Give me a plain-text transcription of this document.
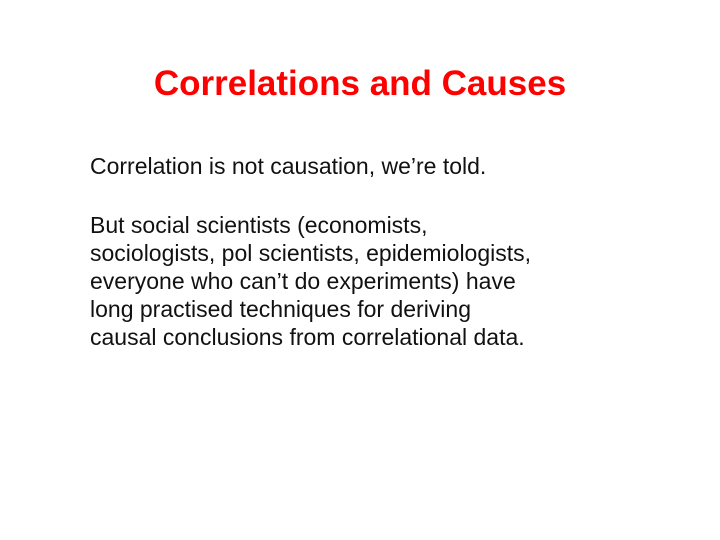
Correlations and Causes

Correlation is not causation, we’re told.

But social scientists (economists,
sociologists, pol scientists, epidemiologists,
everyone who can’t do experiments) have
long practised techniques for deriving
causal conclusions from correlational data.
